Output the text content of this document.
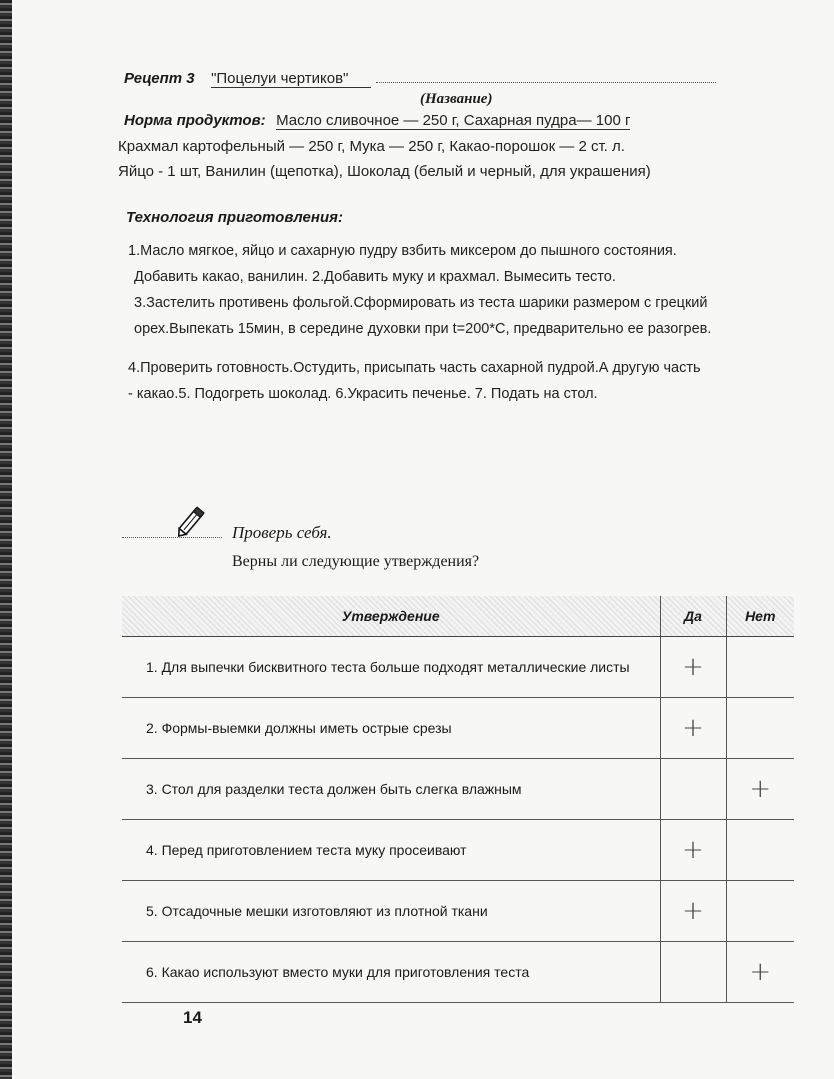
Рецепт 3 "Поцелуи чертиков"
(Название)
Норма продуктов: Масло сливочное — 250 г, Сахарная пудра— 100 г
Крахмал картофельный — 250 г, Мука — 250 г, Какао-порошок — 2 ст. л.
Яйцо - 1 шт, Ванилин (щепотка), Шоколад (белый и черный, для украшения)
Технология приготовления:
1.Масло мягкое, яйцо и сахарную пудру взбить миксером до пышного состояния.
Добавить какао, ванилин. 2.Добавить муку и крахмал. Вымесить тесто.
3.Застелить противень фольгой.Сформировать из теста шарики размером с грецкий
орех.Выпекать 15мин, в середине духовки при t=200*С, предварительно ее разогрев.
4.Проверить готовность.Остудить, присыпать часть сахарной пудрой.А другую часть
- какао.5. Подогреть шоколад. 6.Украсить печенье. 7. Подать на стол.
Проверь себя.
Верны ли следующие утверждения?
Утверждение	Да	Нет
1. Для выпечки бисквитного теста больше подходят металлические листы	+	
2. Формы-выемки должны иметь острые срезы	+	
3. Стол для разделки теста должен быть слегка влажным		+
4. Перед приготовлением теста муку просеивают	+	
5. Отсадочные мешки изготовляют из плотной ткани	+	
6. Какао используют вместо муки для приготовления теста		+
14
